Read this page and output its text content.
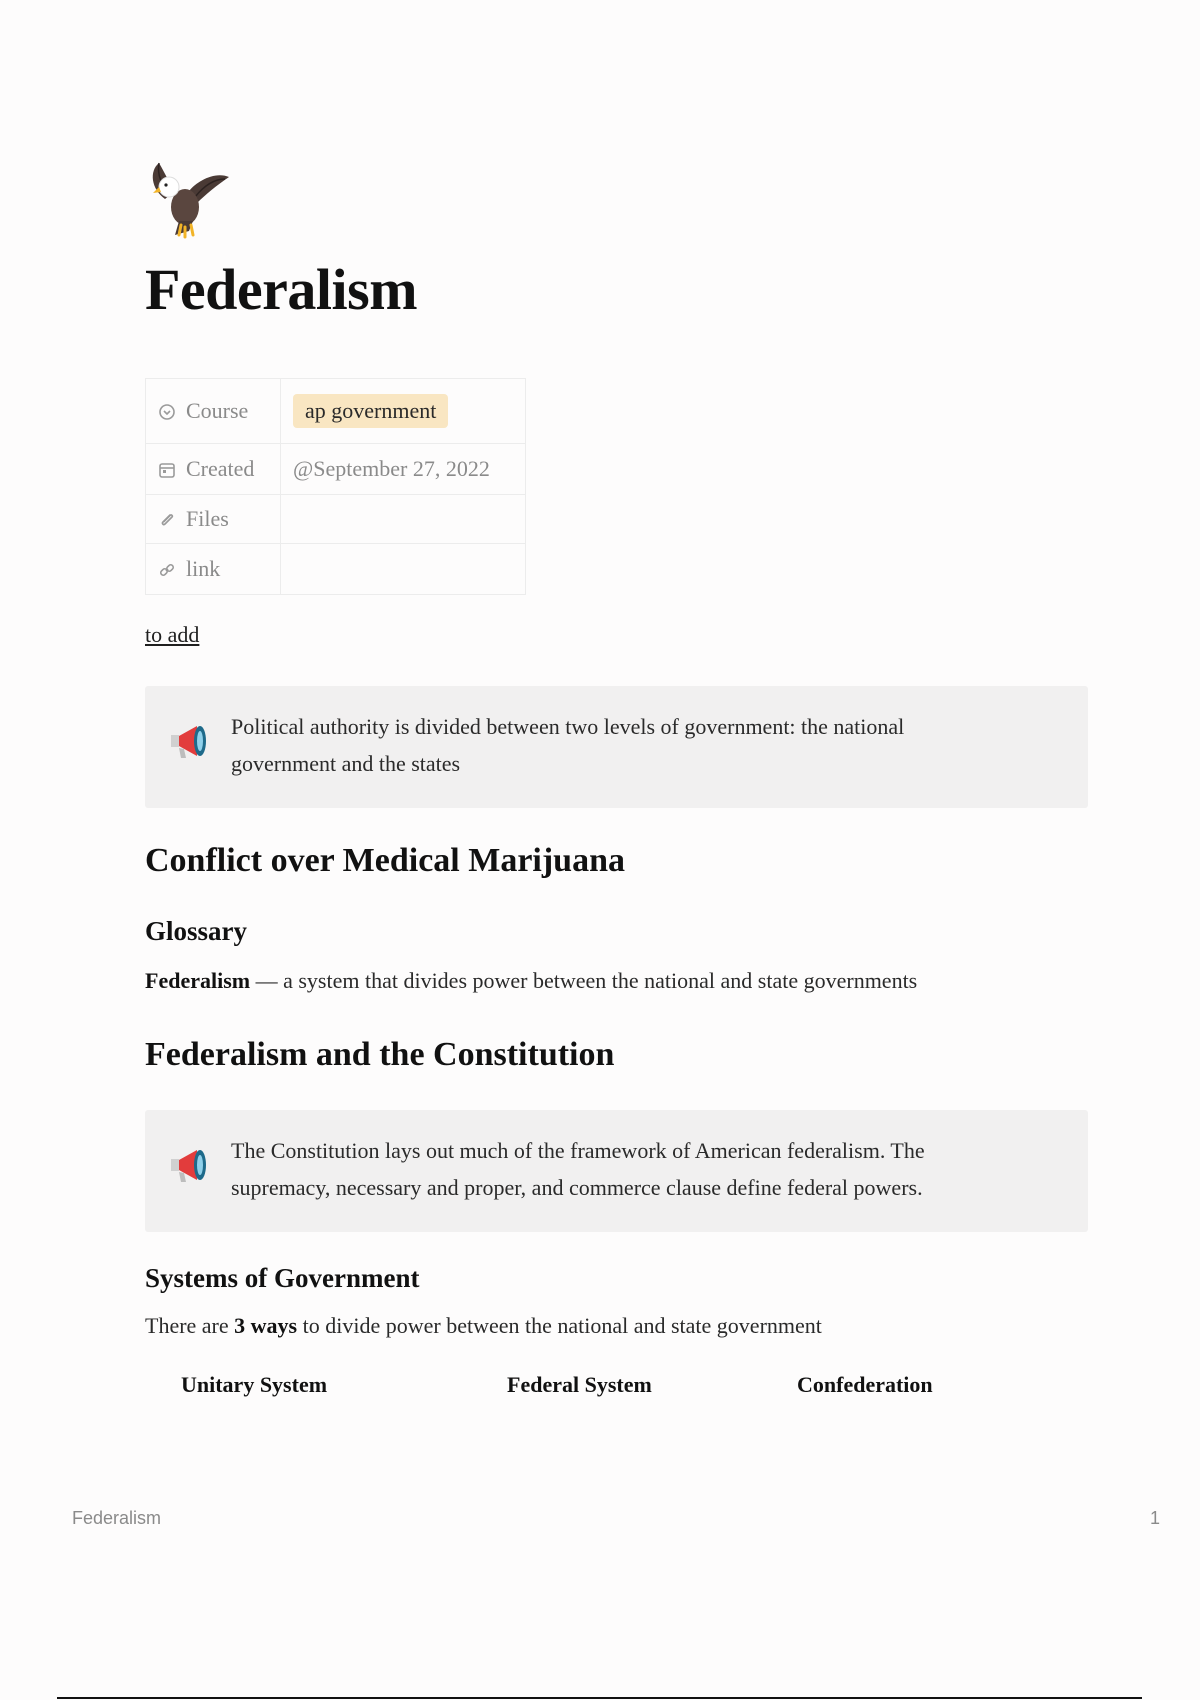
Federalism
Course	ap government
Created	@September 27, 2022
Files	
link	
to add
Political authority is divided between two levels of government: the national
government and the states
Conflict over Medical Marijuana
Glossary
Federalism — a system that divides power between the national and state governments
Federalism and the Constitution
The Constitution lays out much of the framework of American federalism. The
supremacy, necessary and proper, and commerce clause define federal powers.
Systems of Government
There are 3 ways to divide power between the national and state government
Unitary System	Federal System	Confederation
Federalism	1
